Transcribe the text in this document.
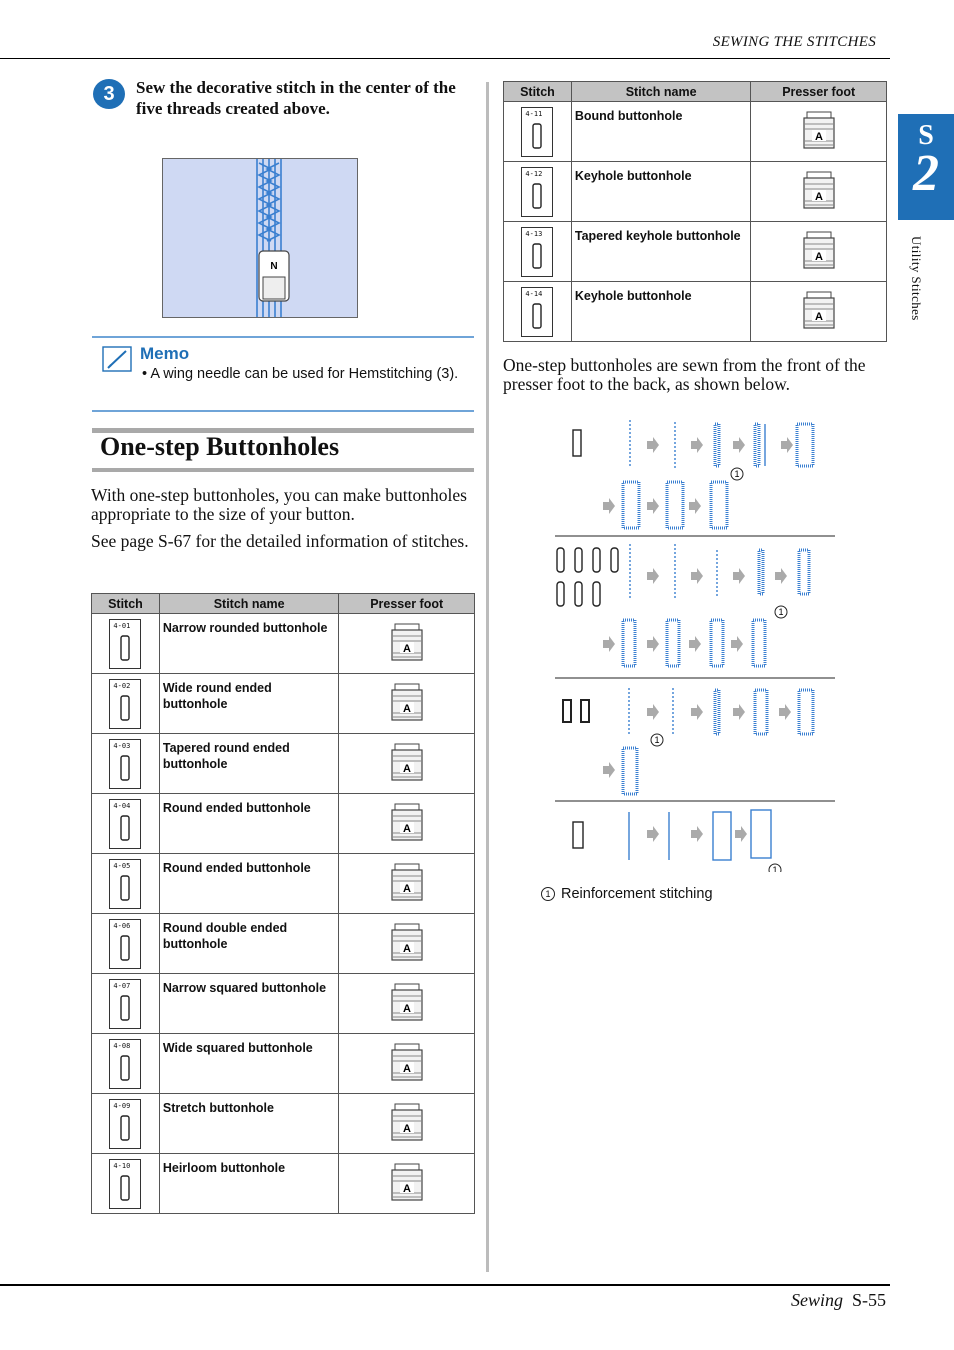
SEWING THE STITCHES
S
2
Utility Stitches
3	Sew the decorative stitch in the center of the five threads created above.
N
Memo
• A wing needle can be used for Hemstitching (3).
One-step Buttonholes
With one-step buttonholes, you can make buttonholes appropriate to the size of your button.
See page S-67 for the detailed information of stitches.
Stitch	Stitch name	Presser foot

4-01	Narrow rounded buttonhole	A

4-02	Wide round ended buttonhole	A

4-03	Tapered round ended buttonhole	A

4-04	Round ended buttonhole	A

4-05	Round ended buttonhole	A

4-06	Round double ended buttonhole	A

4-07	Narrow squared buttonhole	A

4-08	Wide squared buttonhole	A

4-09	Stretch buttonhole	A

4-10	Heirloom buttonhole	A
Stitch	Stitch name	Presser foot

4-11	Bound buttonhole	A

4-12	Keyhole buttonhole	A

4-13	Tapered keyhole buttonhole	A

4-14	Keyhole buttonhole	A
One-step buttonholes are sewn from the front of the presser foot to the back, as shown below.
1
1
1
1
1 Reinforcement stitching
Sewing S-55
